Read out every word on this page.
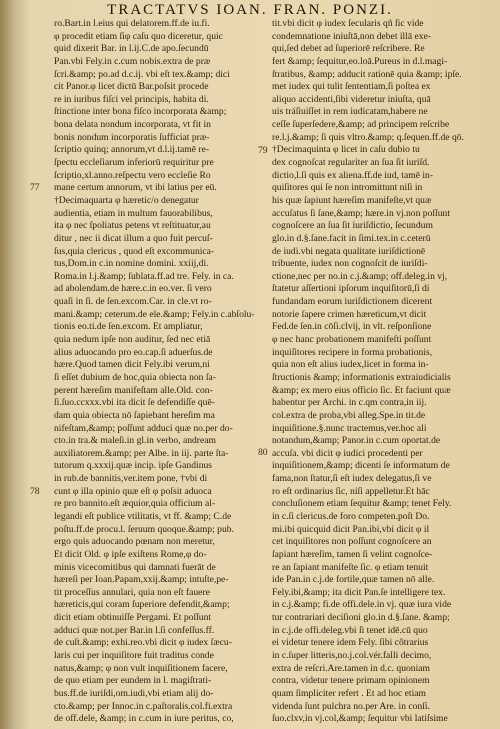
TRACTATVS IOAN. FRAN. PONZI.
77
78
79
80
ro.Bart.in l.eius qui delatorem.ff.de iu.fi.
φ procedit etiam ſiφ caſu quo diceretur, quic
quid dixerit Bar. in l.ij.C.de apo.ſecundū
Pan.vbi Fely.in c.cum nobis.extra de præ
ſcri.&amp; po.ad d.c.ij. vbi eſt tex.&amp; dici
cit Panor.φ licet dictū Bar.poſsit procede
re in iuribus fiſci vel principis, habita di.
ſtinctione inter bona fiſco incorporata &amp;
bona delata nondum incorporata, vt fit in
bonis nondum incorporatis ſufficiat præ-
ſcriptio quinq; annorum,vt d.l.ij.tamē re-
ſpectu eccleſiarum inferiorū requiritur pre
ſcriptio,xl.anno.reſpectu vero eccleſie Ro
mane certum annorum, vt ibi latius per eū.
†Decimaquarta φ hæretic/o denegatur
audientia, etiam in multum fauorabilibus,
ita φ nec ſpoliatus petens vt reſtituatur,au
ditur , nec ii dicat illum a quo fuit percuſ-
ſus,quia clericus , quod eſt excommunica-
tus,Dom.in c.in nomine domini. xxiij,di.
Roma.in l.j.&amp; ſublata.ff.ad tre. Fely. in ca.
ad abolendam.de hære.c.in eo.ver. ſi vero
quaſi in ſi. de ſen.excom.Car. in cle.vt ro-
mani.&amp; ceterum.de ele.&amp; Fely.in c.abſolu-
tionis eo.ti.de ſen.excom. Et ampliatur,
quia nedum ipſe non auditur, ſed nec etiā
alius aduocando pro eo.cap.ſi aduerſus.de
hære.Quod tamen dicit Fely.ibi verum,ni
ſi eſſet dubium de hoc,quia obiecta non ſa-
perent hæreſim manifeſtam alle.Old. con-
ſi.ſuo.ccxxx.vbi ita dicit ſe defendiſſe quē-
dam quia obiecta nō ſapiebant hereſim ma
nifeſtam,&amp; poſſunt adduci quæ no.per do-
cto.in tra.& maleſi.in gl.in verbo, andream
auxiliatorem.&amp; per Albe. in iij. parte ſta-
tutorum q.xxxij.quæ incip. ipſe Gandinus
in rub.de bannitis,ver.item pone, †vbi di
cunt φ illa opinio quæ eſt φ poſsit aduoca
re pro bannito.eſt æquior,quia officium al-
legandi eſt publice vtilitatis, vt ff. &amp; C.de
poſtu.ff.de procu.l. ſeruum quoque.&amp; pub.
ergo quis aduocando pœnam non meretur,
Et dicit Old. φ ipſe exiſtens Rome,φ do-
minis vicecomitibus qui damnati fuerāt de
hæreſi per Ioan.Papam,xxij.&amp; intuſte,pe-
tit proceſſus annulari, quia non eſt fauere
hæreticis,qui coram ſuperiore defendit,&amp;
dicit etiam obtinuiſſe Pergami. Et poſſunt
adduci quæ not.per Bar.in l.ſi confeſſus.ff.
de cuſt.&amp; exhi.reo.vbi dicit φ iudex ſæcu-
laris cui per inquiſitore fuit traditus conde
natus,&amp; φ non vult inquiſitionem facere,
de quo etiam per eundem in l. magiſtrati-
bus.ff.de iuriſdi,om.iudi,vbi etiam alij do-
cto.&amp; per Innoc.in c.paſtoralis.col.fi.extra
de off.dele, &amp; in c.cum in iure peritus, co,
tit.vbi dicit φ iudex ſecularis qñ ſic vide
condemnatione iniuſtā,non debet illā exe-
qui,ſed debet ad ſuperiorē reſcribere. Re
fert &amp; ſequitur,eo.loā.Pureus in d.l.magi-
ſtratibus, &amp; adducit rationē quia &amp; ipſe.
met iudex qui tulit ſententiam,ſi poſtea ex
aliquo accidenti,ſibi videretur iniuſta, quā
uis tráſiuiſſet in rem iudicatam,habere ne
ceſſe ſuperſedere,&amp; ad principem reſcribe
re.l.j.&amp; ſi quis vltro.&amp; q.ſequen.ff.de qō.
†Decimaquinta φ licet in caſu dubio tu
dex cognoſcat regulariter an ſua ſit iuriſd.
dictio,l.ſi quis ex aliena.ff.de iud, tamē in-
quiſitores qui ſe non intromittunt niſi in
his quæ ſapiunt hæreſim manifeſte,vt quæ
accuſatus ſi ſane,&amp; hære.in vj.non poſſunt
cognoſcere an ſua ſit iuriſdictio, ſecundum
glo.in d.§.ſane.facit in ſimi.tex.in c.ceterū
de iudi.vbi negata qualitate iuriſdictionē
tribuente, iudex non cognoſcit de iuriſdi-
ctione,nec per no.in c.j.&amp; off.deleg.in vj,
ſtatetur aſſertioni ipſorum inquiſitorū,ſi di
fundandam eorum iuriſdictionem dicerent
notorie ſapere crimen hæreticum,vt dicit
Fed.de ſen.in cōſi.clvij, in vlt. reſponſione
φ nec hanc probationem manifeſti poſſunt
inquiſitores recipere in forma probationis,
quia non eſt alius iudex,licet in forma in-
ſtructionis &amp; informationis extraiudicialis
&amp; ex mero eius officio ſic. Et faciunt quæ
habentur per Archi. in c.qm contra,in iij.
col.extra de proba,vbi alleg.Spe.in tit.de
inquiſitione.§.nunc tractemus,ver.hoc ali
notandum,&amp; Panor.in c.cum oportat.de
accuſa. vbi dicit φ iudici procedenti per
inquiſitionem,&amp; dicenti ſe informatum de
fama,non ſtatur,ſi eſt iudex delegatus,ſi ve
ro eſt ordinarius ſic, niſi appelletur.Et hāc
concluſionem etiam ſequitur &amp; tenet Fely.
in c.ſi clericus.de foro competen.poſt Do.
mi.ibi quicquid dicit Pan.ibi,vbi dicit φ il
cet inquiſitores non poſſunt cognoſcere an
ſapiant hæreſim, tamen ſi velint cognoſce-
re an ſapiant manifeſte ſic. φ etiam tenuit
ide Pan.in c.j.de fortile,quæ tamen nō alle.
Fely.ibi,&amp; ita dicit Pan.ſe intelligere tex.
in c.j.&amp; fi.de offi.dele.in vj. quæ iura vide
tur contrariari deciſioni glo.in d.§.ſane. &amp;
in c.j.de offi.deleg.vbi ſi tenet idē.cū quo
ei videtur tenere idem Fely. ſibi côtrarius
in c.ſuper litteris,no.j.col.vér.falli decimo,
extra de reſcri.Are.tamen in d.c. quoniam
contra, videtur tenere primam opinionem
quam ſimpliciter refert . Et ad hoc etiam
videnda ſunt pulchra no.per Are. in conſi.
ſuo.clxv,in vj.col,&amp; ſequitur vbi latiſsime
